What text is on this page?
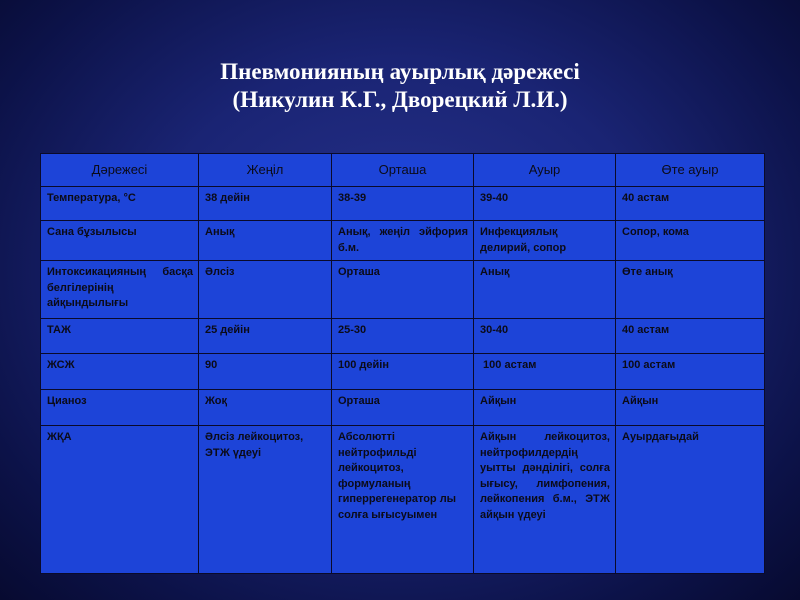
Пневмонияның ауырлық дәрежесі
(Никулин К.Г., Дворецкий Л.И.)
Дәрежесі	Жеңіл	Орташа	Ауыр	Өте ауыр
Температура, °С	38 дейін	38-39	39-40	40 астам
Сана бұзылысы	Анық	Анық, жеңіл эйфория б.м.	Инфекциялық делирий, сопор	Сопор, кома
Интоксикацияның басқа белгілерінің айқындылығы	Әлсіз	Орташа	Анық	Өте анық
ТАЖ	25 дейін	25-30	30-40	40 астам
ЖСЖ	90	100 дейін	100 астам	100 астам
Цианоз	Жоқ	Орташа	Айқын	Айқын
ЖҚА	Әлсіз лейкоцитоз, ЭТЖ үдеуі	Абсолютті нейтрофильді лейкоцитоз, формуланың гиперрегенератор лы солға ығысуымен	Айқын лейкоцитоз, нейтрофилдердің уытты дәнділігі, солға ығысу, лимфопения, лейкопения б.м., ЭТЖ айқын үдеуі	Ауырдағыдай
